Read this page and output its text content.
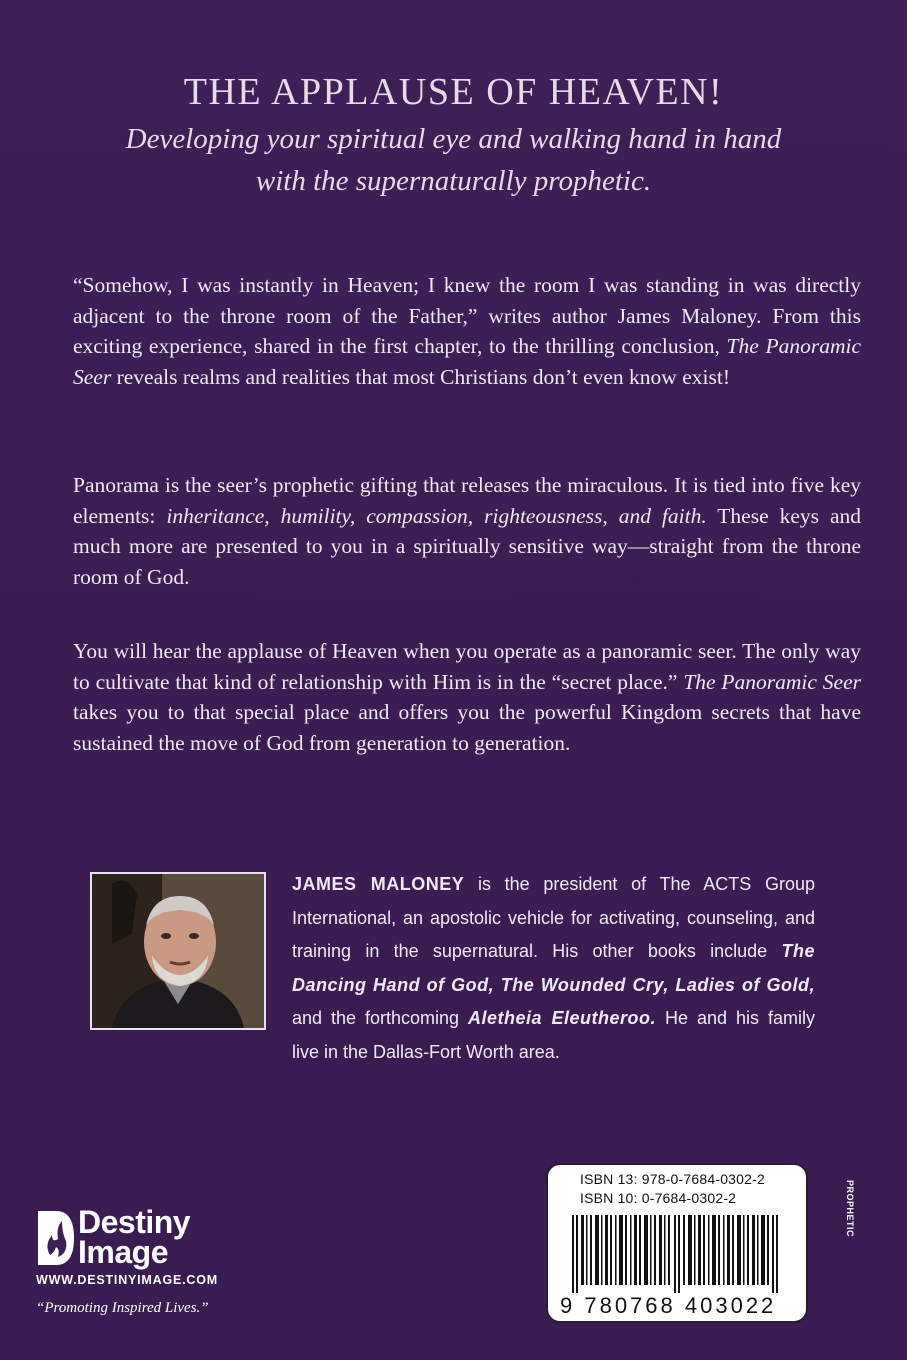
THE APPLAUSE OF HEAVEN!
Developing your spiritual eye and walking hand in hand
with the supernaturally prophetic.

“Somehow, I was instantly in Heaven; I knew the room I was standing in was directly adjacent to the throne room of the Father,” writes author James Maloney. From this exciting experience, shared in the first chapter, to the thrilling conclusion, The Panoramic Seer reveals realms and realities that most Christians don’t even know exist!

Panorama is the seer’s prophetic gifting that releases the miraculous. It is tied into five key elements: inheritance, humility, compassion, righteousness, and faith. These keys and much more are presented to you in a spiritually sensitive way—straight from the throne room of God.

You will hear the applause of Heaven when you operate as a panoramic seer. The only way to cultivate that kind of relationship with Him is in the “secret place.” The Panoramic Seer takes you to that special place and offers you the powerful Kingdom secrets that have sustained the move of God from generation to generation.

JAMES MALONEY is the president of The ACTS Group International, an apostolic vehicle for activating, counseling, and training in the supernatural. His other books include The Dancing Hand of God, The Wounded Cry, Ladies of Gold, and the forthcoming Aletheia Eleutheroo. He and his family live in the Dallas-Fort Worth area.
ISBN 13: 978-0-7684-0302-2
ISBN 10: 0-7684-0302-2
9 780768 403022
PROPHETIC
Destiny
Image
WWW.DESTINYIMAGE.COM
“Promoting Inspired Lives.”
